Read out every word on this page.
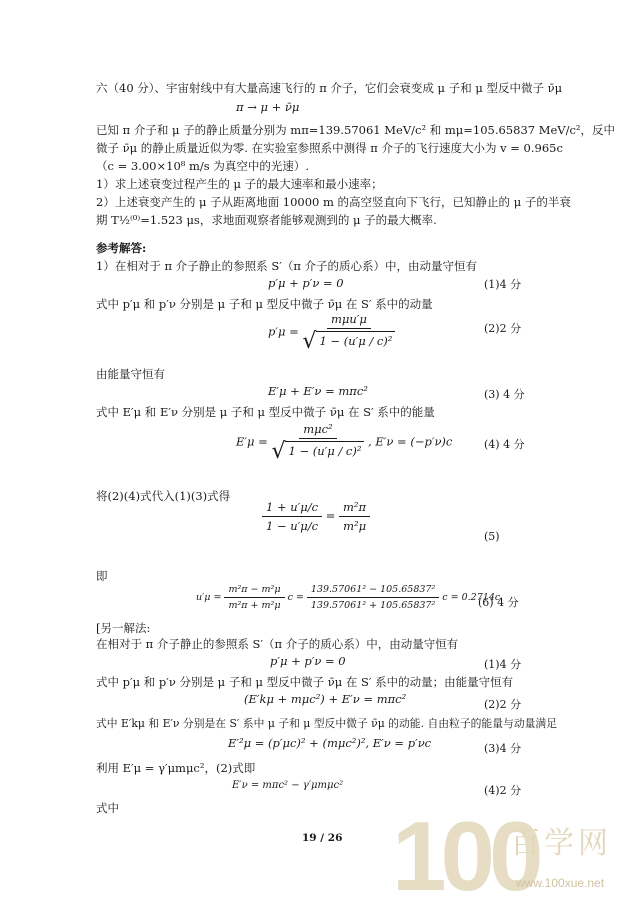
六（40 分）、宇宙射线中有大量高速飞行的 π 介子，它们会衰变成 μ 子和 μ 型反中微子 ν̄μ
π → μ + ν̄μ
已知 π 介子和 μ 子的静止质量分别为 mπ=139.57061 MeV/c² 和 mμ=105.65837 MeV/c²，反中
微子 ν̄μ 的静止质量近似为零. 在实验室参照系中测得 π 介子的飞行速度大小为 v = 0.965c
（c = 3.00×10⁸ m/s 为真空中的光速）.
1）求上述衰变过程产生的 μ 子的最大速率和最小速率；
2）上述衰变产生的 μ 子从距离地面 10000 m 的高空竖直向下飞行，已知静止的 μ 子的半衰
期 T½⁽⁰⁾=1.523 μs，求地面观察者能够观测到的 μ 子的最大概率.
参考解答:
1）在相对于 π 介子静止的参照系 S′（π 介子的质心系）中，由动量守恒有
p′μ + p′ν = 0	(1)4 分
式中 p′μ 和 p′ν 分别是 μ 子和 μ 型反中微子 ν̄μ 在 S′ 系中的动量
$p'\mu = \frac{\text{mμu′μ}}{\text{√ 1 − (u′μ / c)²}}$	(2)2 分
由能量守恒有
E′μ + E′ν = mπc²	(3) 4 分
式中 E′μ 和 E′ν 分别是 μ 子和 μ 型反中微子 ν̄μ 在 S′ 系中的能量
$E'\mu = \frac{\text{mμc²}}{\text{√ 1 − (u′μ / c)²}}$ , E′ν = (−p′ν)c	(4) 4 分
将(2)(4)式代入(1)(3)式得
$\frac{1 + u'\mu/c}{1 - u'\mu/c} = \frac{\text{m²π}}{\text{m²μ}}$
(5)
即
$u'\mu = \frac{\text{m²π − m²μ}}{\text{m²π + m²μ}}$ $c = \frac{\text{139.57061² − 105.65837²}}{\text{139.57061² + 105.65837²}}$ c = 0.2714c
(6) 4 分
[另一解法:
在相对于 π 介子静止的参照系 S′（π 介子的质心系）中，由动量守恒有
p′μ + p′ν = 0	(1)4 分
式中 p′μ 和 p′ν 分别是 μ 子和 μ 型反中微子 ν̄μ 在 S′ 系中的动量；由能量守恒有
(E′kμ + mμc²) + E′ν = mπc²	(2)2 分
式中 E′kμ 和 E′ν 分别是在 S′ 系中 μ 子和 μ 型反中微子 ν̄μ 的动能. 自由粒子的能量与动量满足
E′²μ = (p′μc)² + (mμc²)², E′ν = p′νc	(3)4 分
利用 E′μ = γ′μmμc²，(2)式即
E′ν = mπc² − γ′μmμc²	(4)2 分
式中
19 / 26 100
百学网
www.100xue.net
